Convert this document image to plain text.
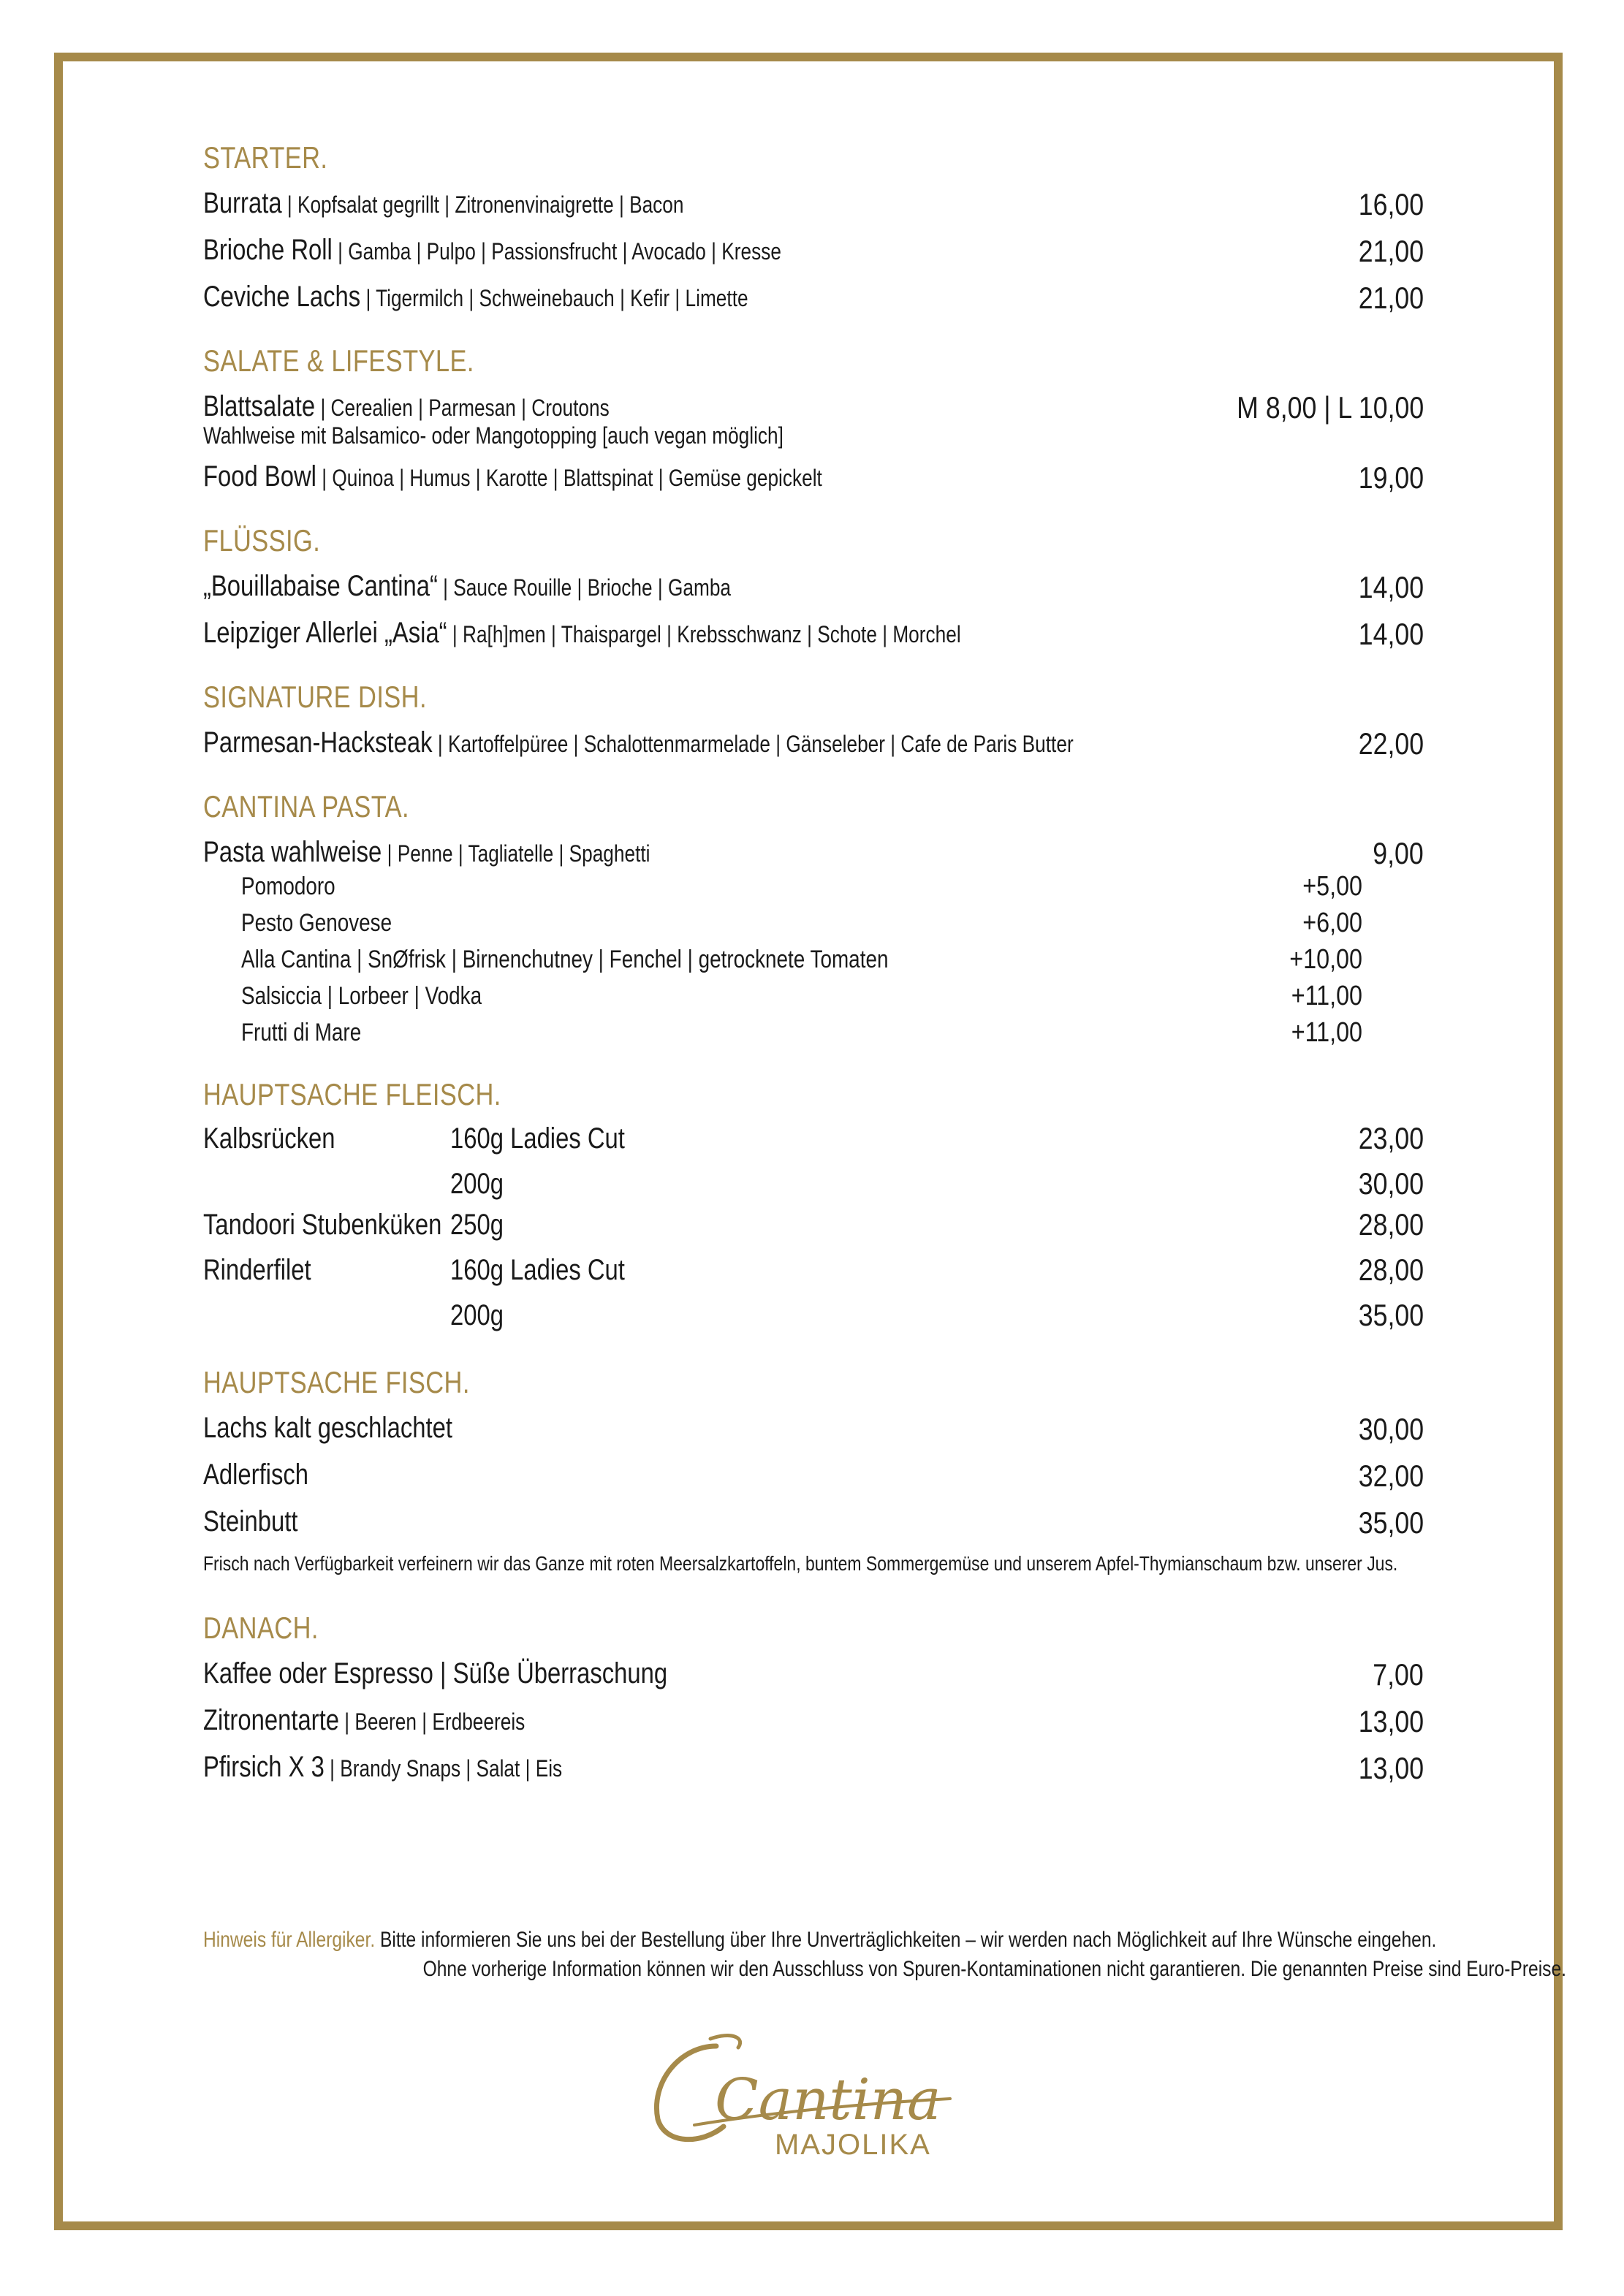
STARTER.
Burrata | Kopfsalat gegrillt | Zitronenvinaigrette | Bacon	16,00
Brioche Roll | Gamba | Pulpo | Passionsfrucht | Avocado | Kresse	21,00
Ceviche Lachs | Tigermilch | Schweinebauch | Kefir | Limette	21,00
SALATE & LIFESTYLE.
Blattsalate | Cerealien | Parmesan | Croutons	M 8,00 | L 10,00
Wahlweise mit Balsamico- oder Mangotopping [auch vegan möglich]
Food Bowl | Quinoa | Humus | Karotte | Blattspinat | Gemüse gepickelt	19,00
FLÜSSIG.
„Bouillabaise Cantina“ | Sauce Rouille | Brioche | Gamba	14,00
Leipziger Allerlei „Asia“ | Ra[h]men | Thaispargel | Krebsschwanz | Schote | Morchel	14,00
SIGNATURE DISH.
Parmesan-Hacksteak | Kartoffelpüree | Schalottenmarmelade | Gänseleber | Cafe de Paris Butter	22,00
CANTINA PASTA.
Pasta wahlweise | Penne | Tagliatelle | Spaghetti	9,00
Pomodoro	+5,00
Pesto Genovese	+6,00
Alla Cantina | SnØfrisk | Birnenchutney | Fenchel | getrocknete Tomaten	+10,00
Salsiccia | Lorbeer | Vodka	+11,00
Frutti di Mare	+11,00
HAUPTSACHE FLEISCH.
Kalbsrücken	160g Ladies Cut	23,00
200g	30,00
Tandoori Stubenküken 250g	28,00
Rinderfilet	160g Ladies Cut	28,00
200g	35,00
HAUPTSACHE FISCH.
Lachs kalt geschlachtet	30,00
Adlerfisch	32,00
Steinbutt	35,00
Frisch nach Verfügbarkeit verfeinern wir das Ganze mit roten Meersalzkartoffeln, buntem Sommergemüse und unserem Apfel-Thymianschaum bzw. unserer Jus.
DANACH.
Kaffee oder Espresso | Süße Überraschung	7,00
Zitronentarte | Beeren | Erdbeereis	13,00
Pfirsich X 3 | Brandy Snaps | Salat | Eis	13,00
Hinweis für Allergiker. Bitte informieren Sie uns bei der Bestellung über Ihre Unverträglichkeiten – wir werden nach Möglichkeit auf Ihre Wünsche eingehen.
Ohne vorherige Information können wir den Ausschluss von Spuren-Kontaminationen nicht garantieren. Die genannten Preise sind Euro-Preise.
Cantina
MAJOLIKA
